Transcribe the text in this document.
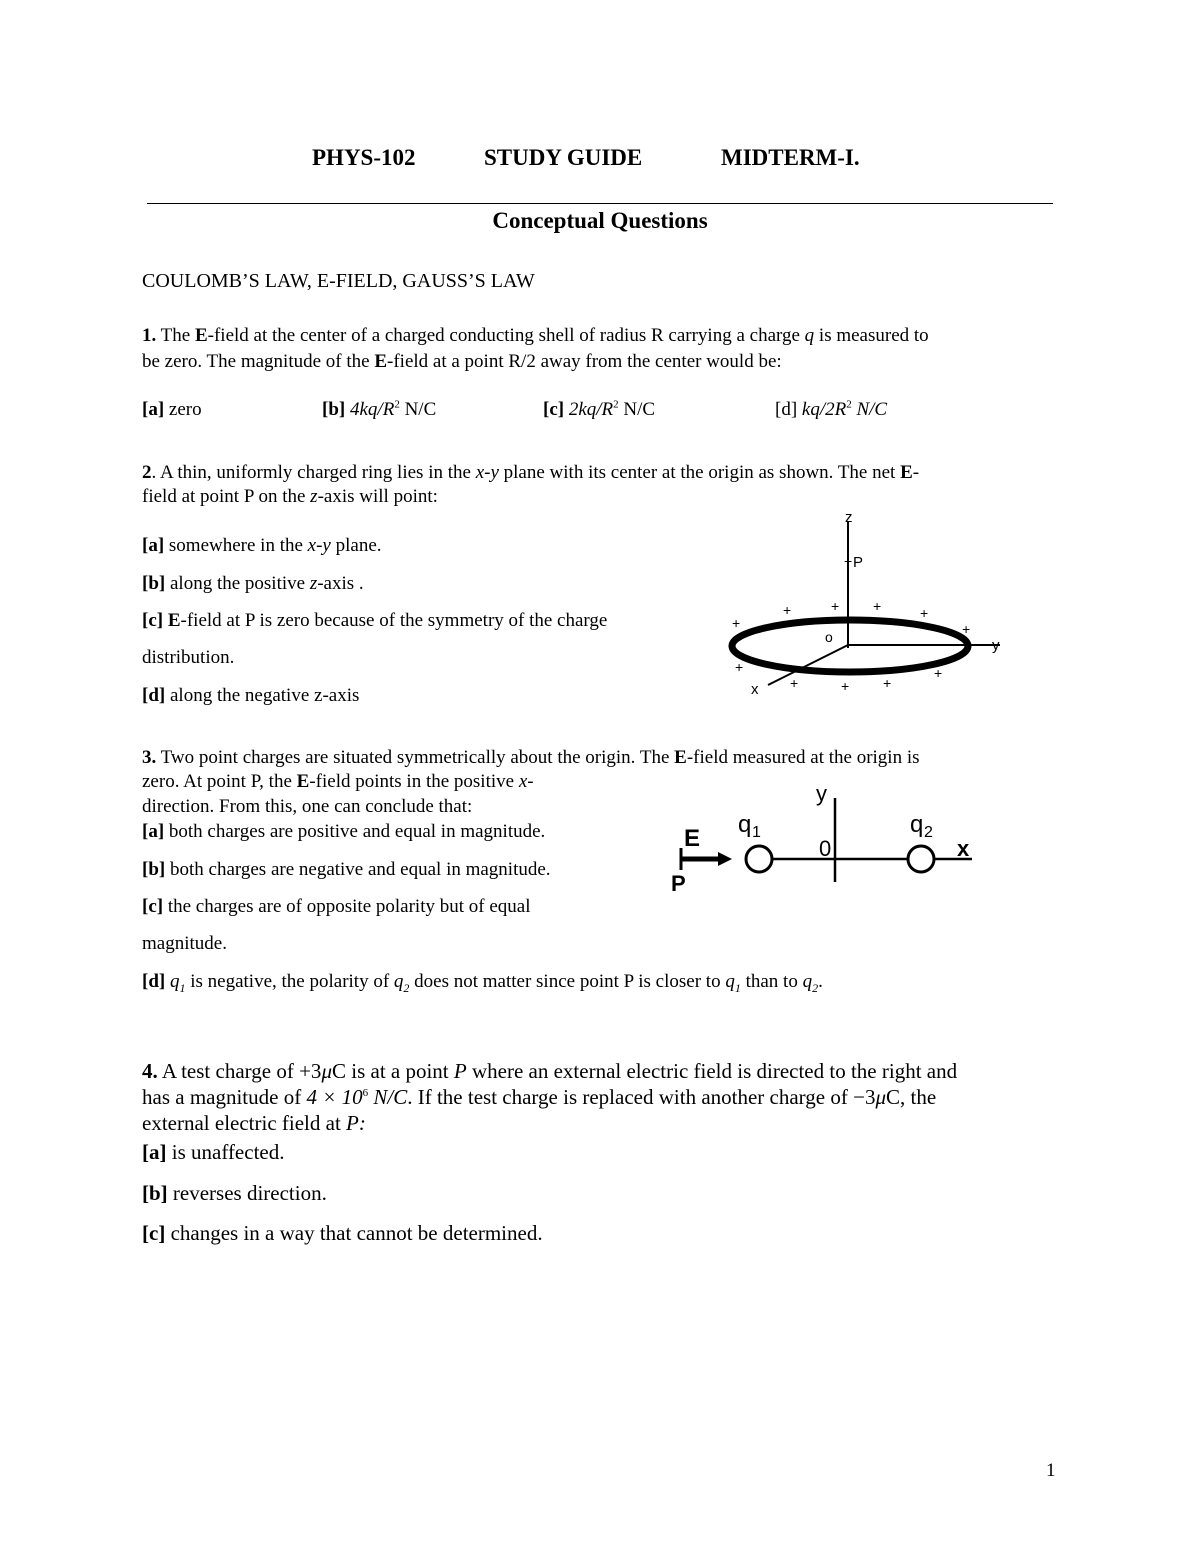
PHYS-102	STUDY GUIDE	MIDTERM-I.
Conceptual Questions
COULOMB’S LAW, E-FIELD, GAUSS’S LAW
1. The E-field at the center of a charged conducting shell of radius R carrying a charge q is measured to
be zero. The magnitude of the E-field at a point R/2 away from the center would be:
[a] zero	[b] $4kq/R^2$ N/C	[c] $2kq/R^2$ N/C	[d] $kq/2R^2$ N/C
2. A thin, uniformly charged ring lies in the x-y plane with its center at the origin as shown. The net E-
field at point P on the z-axis will point:
[a] somewhere in the x-y plane.
[b] along the positive z-axis .
[c] E-field at P is zero because of the symmetry of the charge
distribution.
[d] along the negative z-axis
z
+ P
o	y
x
+
+	+ +	+
+
+
+	+ +
+
3. Two point charges are situated symmetrically about the origin. The E-field measured at the origin is
zero. At point P, the E-field points in the positive x-
direction. From this, one can conclude that:
[a] both charges are positive and equal in magnitude.
[b] both charges are negative and equal in magnitude.
[c] the charges are of opposite polarity but of equal
magnitude.
[d] $q_1$ is negative, the polarity of $q_2$ does not matter since point P is closer to $q_1$ than to $q_2$.
y
E
q 1
0
q 2
x
P
4. A test charge of +3μC is at a point P where an external electric field is directed to the right and
has a magnitude of $4 \times 10^6$ N/C. If the test charge is replaced with another charge of −3μC, the
external electric field at P:
[a] is unaffected.
[b] reverses direction.
[c] changes in a way that cannot be determined.
1
